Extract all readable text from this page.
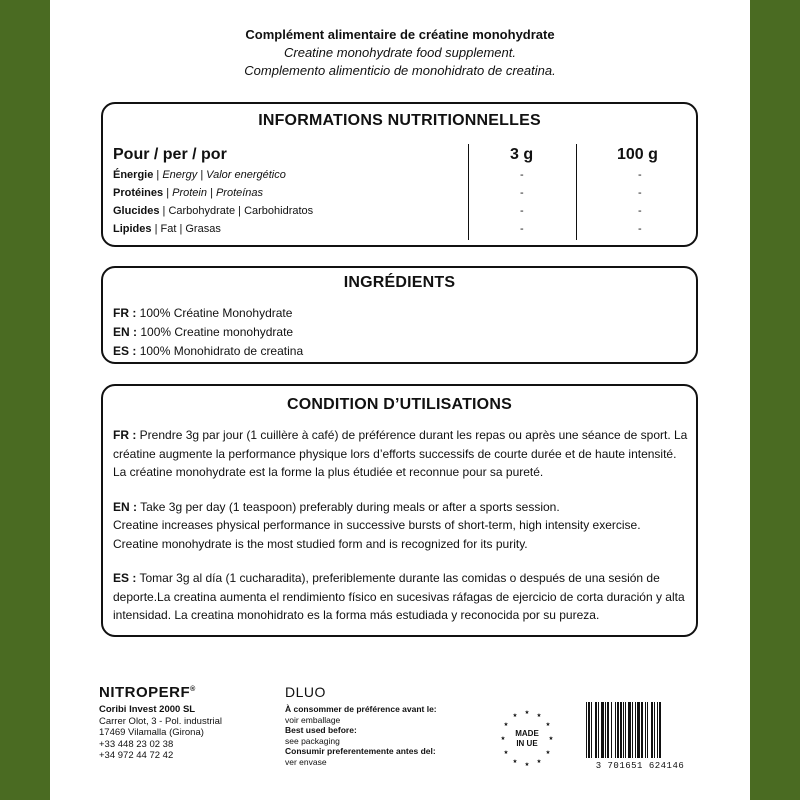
Complément alimentaire de créatine monohydrate
Creatine monohydrate food supplement.
Complemento alimenticio de monohidrato de creatina.
INFORMATIONS NUTRITIONNELLES
Pour / per / por	3 g	100 g
Énergie | Energy | Valor energético	-	-
Protéines | Protein | Proteínas	-	-
Glucides | Carbohydrate | Carbohidratos	-	-
Lipides | Fat | Grasas	-	-
INGRÉDIENTS
FR : 100% Créatine Monohydrate
EN : 100% Creatine monohydrate
ES : 100% Monohidrato de creatina
CONDITION D’UTILISATIONS

FR : Prendre 3g par jour (1 cuillère à café) de préférence durant les repas ou après une séance de sport. La créatine augmente la performance physique lors d’efforts successifs de courte durée et de haute intensité. La créatine monohydrate est la forme la plus étudiée et reconnue pour sa pureté.

EN : Take 3g per day (1 teaspoon) preferably during meals or after a sports session.
Creatine increases physical performance in successive bursts of short-term, high intensity exercise.
Creatine monohydrate is the most studied form and is recognized for its purity.

ES : Tomar 3g al día (1 cucharadita), preferiblemente durante las comidas o después de una sesión de deporte.La creatina aumenta el rendimiento físico en sucesivas ráfagas de ejercicio de corta duración y alta intensidad. La creatina monohidrato es la forma más estudiada y reconocida por su pureza.

NITROPERF®
Coribi Invest 2000 SL
Carrer Olot, 3 - Pol. industrial
17469 Vilamalla (Girona)
+33 448 23 02 38
+34 972 44 72 42
DLUO
À consommer de préférence avant le:
voir emballage
Best used before:
see packaging
Consumir preferentemente antes del:
ver envase
★ ★
★
★
★
★
★
★
★
★
★
★
MADE
IN UE
3 701651 624146
